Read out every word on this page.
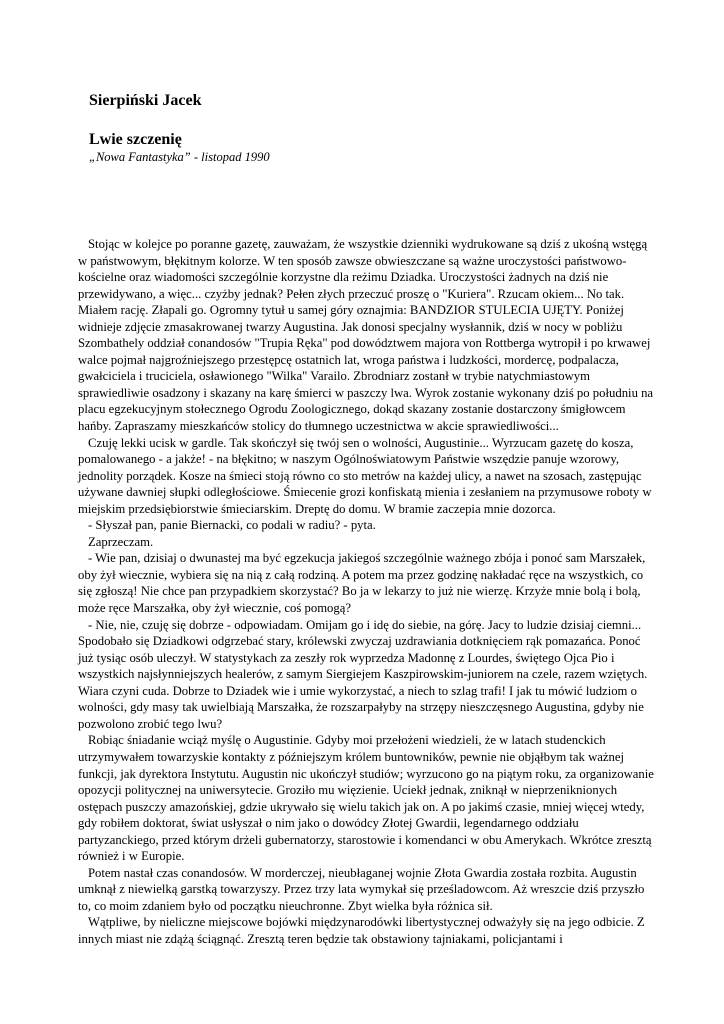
Sierpiński Jacek
Lwie szczenię
„Nowa Fantastyka” - listopad 1990

Stojąc w kolejce po poranne gazetę, zauważam, że wszystkie dzienniki wydrukowane są dziś z ukośną wstęgą w państwowym, błękitnym kolorze. W ten sposób zawsze obwieszczane są ważne uroczystości państwowo-kościelne oraz wiadomości szczególnie korzystne dla reżimu Dziadka. Uroczystości żadnych na dziś nie przewidywano, a więc... czyżby jednak? Pełen złych przeczuć proszę o "Kuriera". Rzucam okiem... No tak. Miałem rację. Złapali go. Ogromny tytuł u samej góry oznajmia: BANDZIOR STULECIA UJĘTY. Poniżej widnieje zdjęcie zmasakrowanej twarzy Augustina. Jak donosi specjalny wysłannik, dziś w nocy w pobliżu Szombathely oddział conandosów "Trupia Ręka" pod dowództwem majora von Rottberga wytropił i po krwawej walce pojmał najgroźniejszego przestępcę ostatnich lat, wroga państwa i ludzkości, mordercę, podpalacza, gwałciciela i truciciela, osławionego "Wilka" Varailo. Zbrodniarz zostanł w trybie natychmiastowym sprawiedliwie osadzony i skazany na karę śmierci w paszczy lwa. Wyrok zostanie wykonany dziś po południu na placu egzekucyjnym stołecznego Ogrodu Zoologicznego, dokąd skazany zostanie dostarczony śmigłowcem hańby. Zapraszamy mieszkańców stolicy do tłumnego uczestnictwa w akcie sprawiedliwości...

Czuję lekki ucisk w gardle. Tak skończył się twój sen o wolności, Augustinie... Wyrzucam gazetę do kosza, pomalowanego - a jakże! - na błękitno; w naszym Ogólnoświatowym Państwie wszędzie panuje wzorowy, jednolity porządek. Kosze na śmieci stoją równo co sto metrów na każdej ulicy, a nawet na szosach, zastępując używane dawniej słupki odległościowe. Śmiecenie grozi konfiskatą mienia i zesłaniem na przymusowe roboty w miejskim przedsiębiorstwie śmieciarskim. Dreptę do domu. W bramie zaczepia mnie dozorca.

- Słyszał pan, panie Biernacki, co podali w radiu? - pyta.

Zaprzeczam.

- Wie pan, dzisiaj o dwunastej ma być egzekucja jakiegoś szczególnie ważnego zbója i ponoć sam Marszałek, oby żył wiecznie, wybiera się na nią z całą rodziną. A potem ma przez godzinę nakładać ręce na wszystkich, co się zgłoszą! Nie chce pan przypadkiem skorzystać? Bo ja w lekarzy to już nie wierzę. Krzyże mnie bolą i bolą, może ręce Marszałka, oby żył wiecznie, coś pomogą?

- Nie, nie, czuję się dobrze - odpowiadam. Omijam go i idę do siebie, na górę. Jacy to ludzie dzisiaj ciemni... Spodobało się Dziadkowi odgrzebać stary, królewski zwyczaj uzdrawiania dotknięciem rąk pomazańca. Ponoć już tysiąc osób uleczył. W statystykach za zeszły rok wyprzedza Madonnę z Lourdes, świętego Ojca Pio i wszystkich najsłynniejszych healerów, z samym Siergiejem Kaszpirowskim-juniorem na czele, razem wziętych. Wiara czyni cuda. Dobrze to Dziadek wie i umie wykorzystać, a niech to szlag trafi! I jak tu mówić ludziom o wolności, gdy masy tak uwielbiają Marszałka, że rozszarpałyby na strzępy nieszczęsnego Augustina, gdyby nie pozwolono zrobić tego lwu?

Robiąc śniadanie wciąż myślę o Augustinie. Gdyby moi przełożeni wiedzieli, że w latach studenckich utrzymywałem towarzyskie kontakty z późniejszym królem buntowników, pewnie nie objąłbym tak ważnej funkcji, jak dyrektora Instytutu. Augustin nic ukończył studiów; wyrzucono go na piątym roku, za organizowanie opozycji politycznej na uniwersytecie. Groziło mu więzienie. Uciekł jednak, zniknął w nieprzeniknionych ostępach puszczy amazońskiej, gdzie ukrywało się wielu takich jak on. A po jakimś czasie, mniej więcej wtedy, gdy robiłem doktorat, świat usłyszał o nim jako o dowódcy Złotej Gwardii, legendarnego oddziału partyzanckiego, przed którym drżeli gubernatorzy, starostowie i komendanci w obu Amerykach. Wkrótce zresztą również i w Europie.

Potem nastał czas conandosów. W morderczej, nieubłaganej wojnie Złota Gwardia została rozbita. Augustin umknął z niewielką garstką towarzyszy. Przez trzy lata wymykał się prześladowcom. Aż wreszcie dziś przyszło to, co moim zdaniem było od początku nieuchronne. Zbyt wielka była różnica sił.

Wątpliwe, by nieliczne miejscowe bojówki międzynarodówki libertystycznej odważyły się na jego odbicie. Z innych miast nie zdążą ściągnąć. Zresztą teren będzie tak obstawiony tajniakami, policjantami i
